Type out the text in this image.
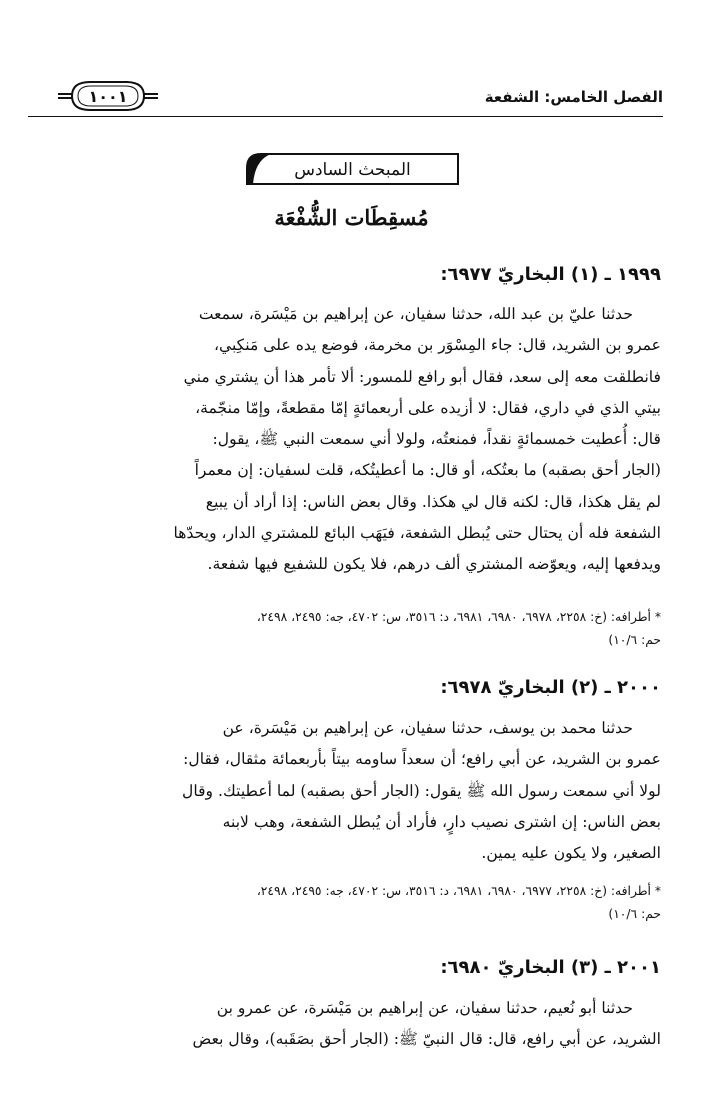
الفصل الخامس: الشفعة
١٠٠١
المبحث السادس
مُسقِطَات الشُّفْعَة
١٩٩٩ ـ (١) البخاريّ ٦٩٧٧:

حدثنا عليّ بن عبد الله، حدثنا سفيان، عن إبراهيم بن مَيْسَرة، سمعت

عمرو بن الشريد، قال: جاء المِسْوَر بن مخرمة، فوضع يده على مَنكِبي،

فانطلقت معه إلى سعد، فقال أبو رافع للمسور: ألا تأمر هذا أن يشتري مني

بيتي الذي في داري، فقال: لا أزيده على أربعمائةٍ إمّا مقطعةً، وإمّا منجّمة،

قال: أُعطيت خمسمائةٍ نقداً، فمنعتُه، ولولا أني سمعت النبي ﷺ، يقول:

(الجار أحق بصقبه) ما بعتُكه، أو قال: ما أعطيتُكه، قلت لسفيان: إن معمراً

لم يقل هكذا، قال: لكنه قال لي هكذا. وقال بعض الناس: إذا أراد أن يبيع

الشفعة فله أن يحتال حتى يُبطل الشفعة، فيَهَب البائع للمشتري الدار، ويحدّها

ويدفعها إليه، ويعوّضه المشتري ألف درهم، فلا يكون للشفيع فيها شفعة.

* أطرافه: (خ: ٢٢٥٨، ٦٩٧٨، ٦٩٨٠، ٦٩٨١، د: ٣٥١٦، س: ٤٧٠٢، جه: ٢٤٩٥، ٢٤٩٨،

حم: ١٠/٦)

٢٠٠٠ ـ (٢) البخاريّ ٦٩٧٨:

حدثنا محمد بن يوسف، حدثنا سفيان، عن إبراهيم بن مَيْسَرة، عن

عمرو بن الشريد، عن أبي رافع؛ أن سعداً ساومه بيتاً بأربعمائة مثقال، فقال:

لولا أني سمعت رسول الله ﷺ يقول: (الجار أحق بصقبه) لما أعطيتك. وقال

بعض الناس: إن اشترى نصيب دارٍ، فأراد أن يُبطل الشفعة، وهب لابنه

الصغير، ولا يكون عليه يمين.

* أطرافه: (خ: ٢٢٥٨، ٦٩٧٧، ٦٩٨٠، ٦٩٨١، د: ٣٥١٦، س: ٤٧٠٢، جه: ٢٤٩٥، ٢٤٩٨،

حم: ١٠/٦)

٢٠٠١ ـ (٣) البخاريّ ٦٩٨٠:

حدثنا أبو نُعيم، حدثنا سفيان، عن إبراهيم بن مَيْسَرة، عن عمرو بن

الشريد، عن أبي رافع، قال: قال النبيّ ﷺ: (الجار أحق بصَقَبه)، وقال بعض
